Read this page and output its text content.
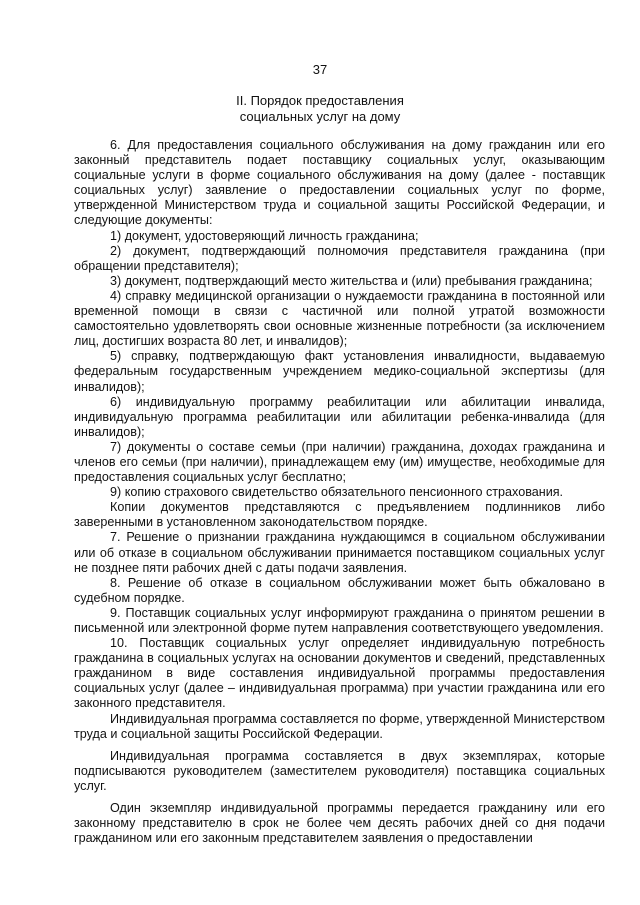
37
II. Порядок предоставления
социальных услуг на дому

6. Для предоставления социального обслуживания на дому гражданин или его законный представитель подает поставщику социальных услуг, оказывающим социальные услуги в форме социального обслуживания на дому (далее - поставщик социальных услуг) заявление о предоставлении социальных услуг по форме, утвержденной Министерством труда и социальной защиты Российской Федерации, и следующие документы:

1) документ, удостоверяющий личность гражданина;

2) документ, подтверждающий полномочия представителя гражданина (при обращении представителя);

3) документ, подтверждающий место жительства и (или) пребывания гражданина;

4) справку медицинской организации о нуждаемости гражданина в постоянной или временной помощи в связи с частичной или полной утратой возможности самостоятельно удовлетворять свои основные жизненные потребности (за исключением лиц, достигших возраста 80 лет, и инвалидов);

5) справку, подтверждающую факт установления инвалидности, выдаваемую федеральным государственным учреждением медико-социальной экспертизы (для инвалидов);

6) индивидуальную программу реабилитации или абилитации инвалида, индивидуальную программа реабилитации или абилитации ребенка-инвалида (для инвалидов);

7) документы о составе семьи (при наличии) гражданина, доходах гражданина и членов его семьи (при наличии), принадлежащем ему (им) имуществе, необходимые для предоставления социальных услуг бесплатно;

9) копию страхового свидетельство обязательного пенсионного страхования.

Копии документов представляются с предъявлением подлинников либо заверенными в установленном законодательством порядке.

7. Решение о признании гражданина нуждающимся в социальном обслуживании или об отказе в социальном обслуживании принимается поставщиком социальных услуг не позднее пяти рабочих дней с даты подачи заявления.

8. Решение об отказе в социальном обслуживании может быть обжаловано в судебном порядке.

9. Поставщик социальных услуг информируют гражданина о принятом решении в письменной или электронной форме путем направления соответствующего уведомления.

10. Поставщик социальных услуг определяет индивидуальную потребность гражданина в социальных услугах на основании документов и сведений, представленных гражданином в виде составления индивидуальной программы предоставления социальных услуг (далее – индивидуальная программа) при участии гражданина или его законного представителя.

Индивидуальная программа составляется по форме, утвержденной Министерством труда и социальной защиты Российской Федерации.

Индивидуальная программа составляется в двух экземплярах, которые подписываются руководителем (заместителем руководителя) поставщика социальных услуг.

Один экземпляр индивидуальной программы передается гражданину или его законному представителю в срок не более чем десять рабочих дней со дня подачи гражданином или его законным представителем заявления о предоставлении
